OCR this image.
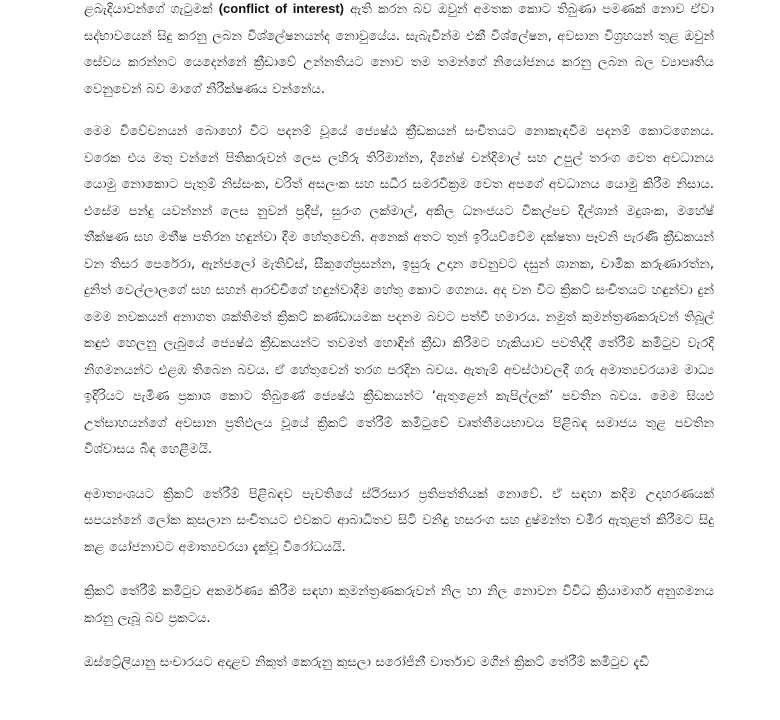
ළබැදියාවන්ගේ ගැටුමක් (conflict of interest) ඇති කරන බව ඔවුන් අමතක කොට තිබුණා පමණක් නොව ඒවා සද්භාවයෙන් සිදු කරනු ලබන විශ්ලේෂනයන්ද නොවුයේය. සැබැවින්ම එකී විශ්ලේෂන, අවසාන විග්‍රහයන් තුළ ඔවුන් සේවය කරන්නට යෙදෙන්නේ ක්‍රීඩාවේ උන්නතියට නොව තම තමන්ගේ නියෝජනය කරනු ලබන බල ව්‍යාපෘතිය වෙනුවෙන් බව මාගේ නිරීක්ෂණය වන්නේය.

මෙම විවේචනයන් බොහෝ විට පදනම් වූයේ ජ්‍යෙෂ්ඨ ක්‍රීඩකයන් සංචිතයට නොකැඳවීම පදනම් කොටගෙනය. වරෙක එය මතු වන්නේ පිතිකරුවන් ලෙස ලහිරු තිරිමාන්න, දිනේෂ් චන්දිමාල් සහ උපුල් තරංග වෙත අවධානය යොමු නොකොට පැතුම් නිස්සංක, චරිත් අසලංක සහ සධීර සමරවික්‍රම වෙත අපගේ අවධානය යොමු කිරීම නිසාය. එසේම පන්දු යවන්නන් ලෙස නුවන් ප්‍රදීප්, සුරංග ලක්මාල්, අකිල ධනංජයට විකල්පව දිල්ශාන් මදුශංක, මහේෂ් තීක්ෂණ සහ මතීෂ පතිරන හඳුන්වා දීම හේතුවෙනි. අනෙක් අතට තුන් ඉරියව්වේම දක්ෂතා පෑවනි පැරණි ක්‍රීඩකයන් වන තිසර පෙරේරා, ඇන්ජලෝ මැතිව්ස්, සීකුගේ‍ප්‍රසන්න, ඉසුරු උදාන වෙනුවට දසුන් ශානක, චාමික කරුණාරත්න, දුනිත් වෙල්ලාලගේ සහ සහන් ආරච්චිගේ හඳුන්වාදීම හේතු කොට ගෙනය. අද වන විට ක්‍රිකට් සංචිතයට හඳුන්වා දුන් මෙම නවකයන් අනාගත ශක්තිමත් ක්‍රිකට් කණ්ඩායමක පදනම බවට පත්වී හමාරය. නමුත් කුමන්ත්‍රණකරුවන් තිබූල් කඳුළු හෙලනු ලැබුයේ ජ්‍යෙෂ්ඨ ක්‍රීඩකයන්ට තවමත් හොඳින් ක්‍රීඩා කිරීමට හැකියාව පවතිද්දී තේරීම් කමිටුව වැරදි නිගමනයන්ට එළඹ තිබෙන බවය. ඒ හේතුවෙන් තරග පරදින බවය. ඇතැම් අවස්ථාවලදී ගරු අමාත්‍යවරයාම මාධ්‍ය ඉදිරියට පැමිණ ප්‍රකාශ කොට තිබුණේ ජ්‍යෙෂ්ඨ ක්‍රීඩකයන්ට ‘ඇතුළෙන් කැපිල්ලක්’ පවතින බවය. මෙම සියළු උත්සාහයන්ගේ අවසාන ප්‍රතිඵලය වූයේ ක්‍රිකට් තේරීම් කමිටුවේ වෘත්තීමයභාවය පිළිබඳ සමාජය තුළ පවතින විශ්වාසය බිඳ හෙළීමයි.

අමාත්‍යංශයට ක්‍රිකට් තේරීම් පිළිබඳව පැවතියේ ස්ථිරසාර ප්‍රතිපත්තියක් නොවේ. ඒ සඳහා කදිම උදාහරණයක් සපයන්නේ ලෝක කුසලාන සංචිතයට එවකට ආබාධිතව සිටි වනිඳු හසරංග සහ දුෂ්මන්ත චමීර ඇතුළත් කිරීමට සිදු කළ යෝජනාවට අමාත්‍යවරයා දැක්වූ විරෝධයයි.

ක්‍රිකට් තේරීම් කමිටුව අකර්මණ්‍ය කිරීම සඳහා කුමන්ත්‍රණකරුවන් නිල හා නිල නොවන විවිධ ක්‍රියාමාර්ග අනුගමනය කරනු ලැබූ බව ප්‍රකටය.

ඔස්ට්‍රේලියානු සංචාරයට අදාළව නිකුත් කෙරුනු කුසලා සරෝජිනී වාර්තාව මගින් ක්‍රිකට් තේරීම් කමිටුව දැඩි
